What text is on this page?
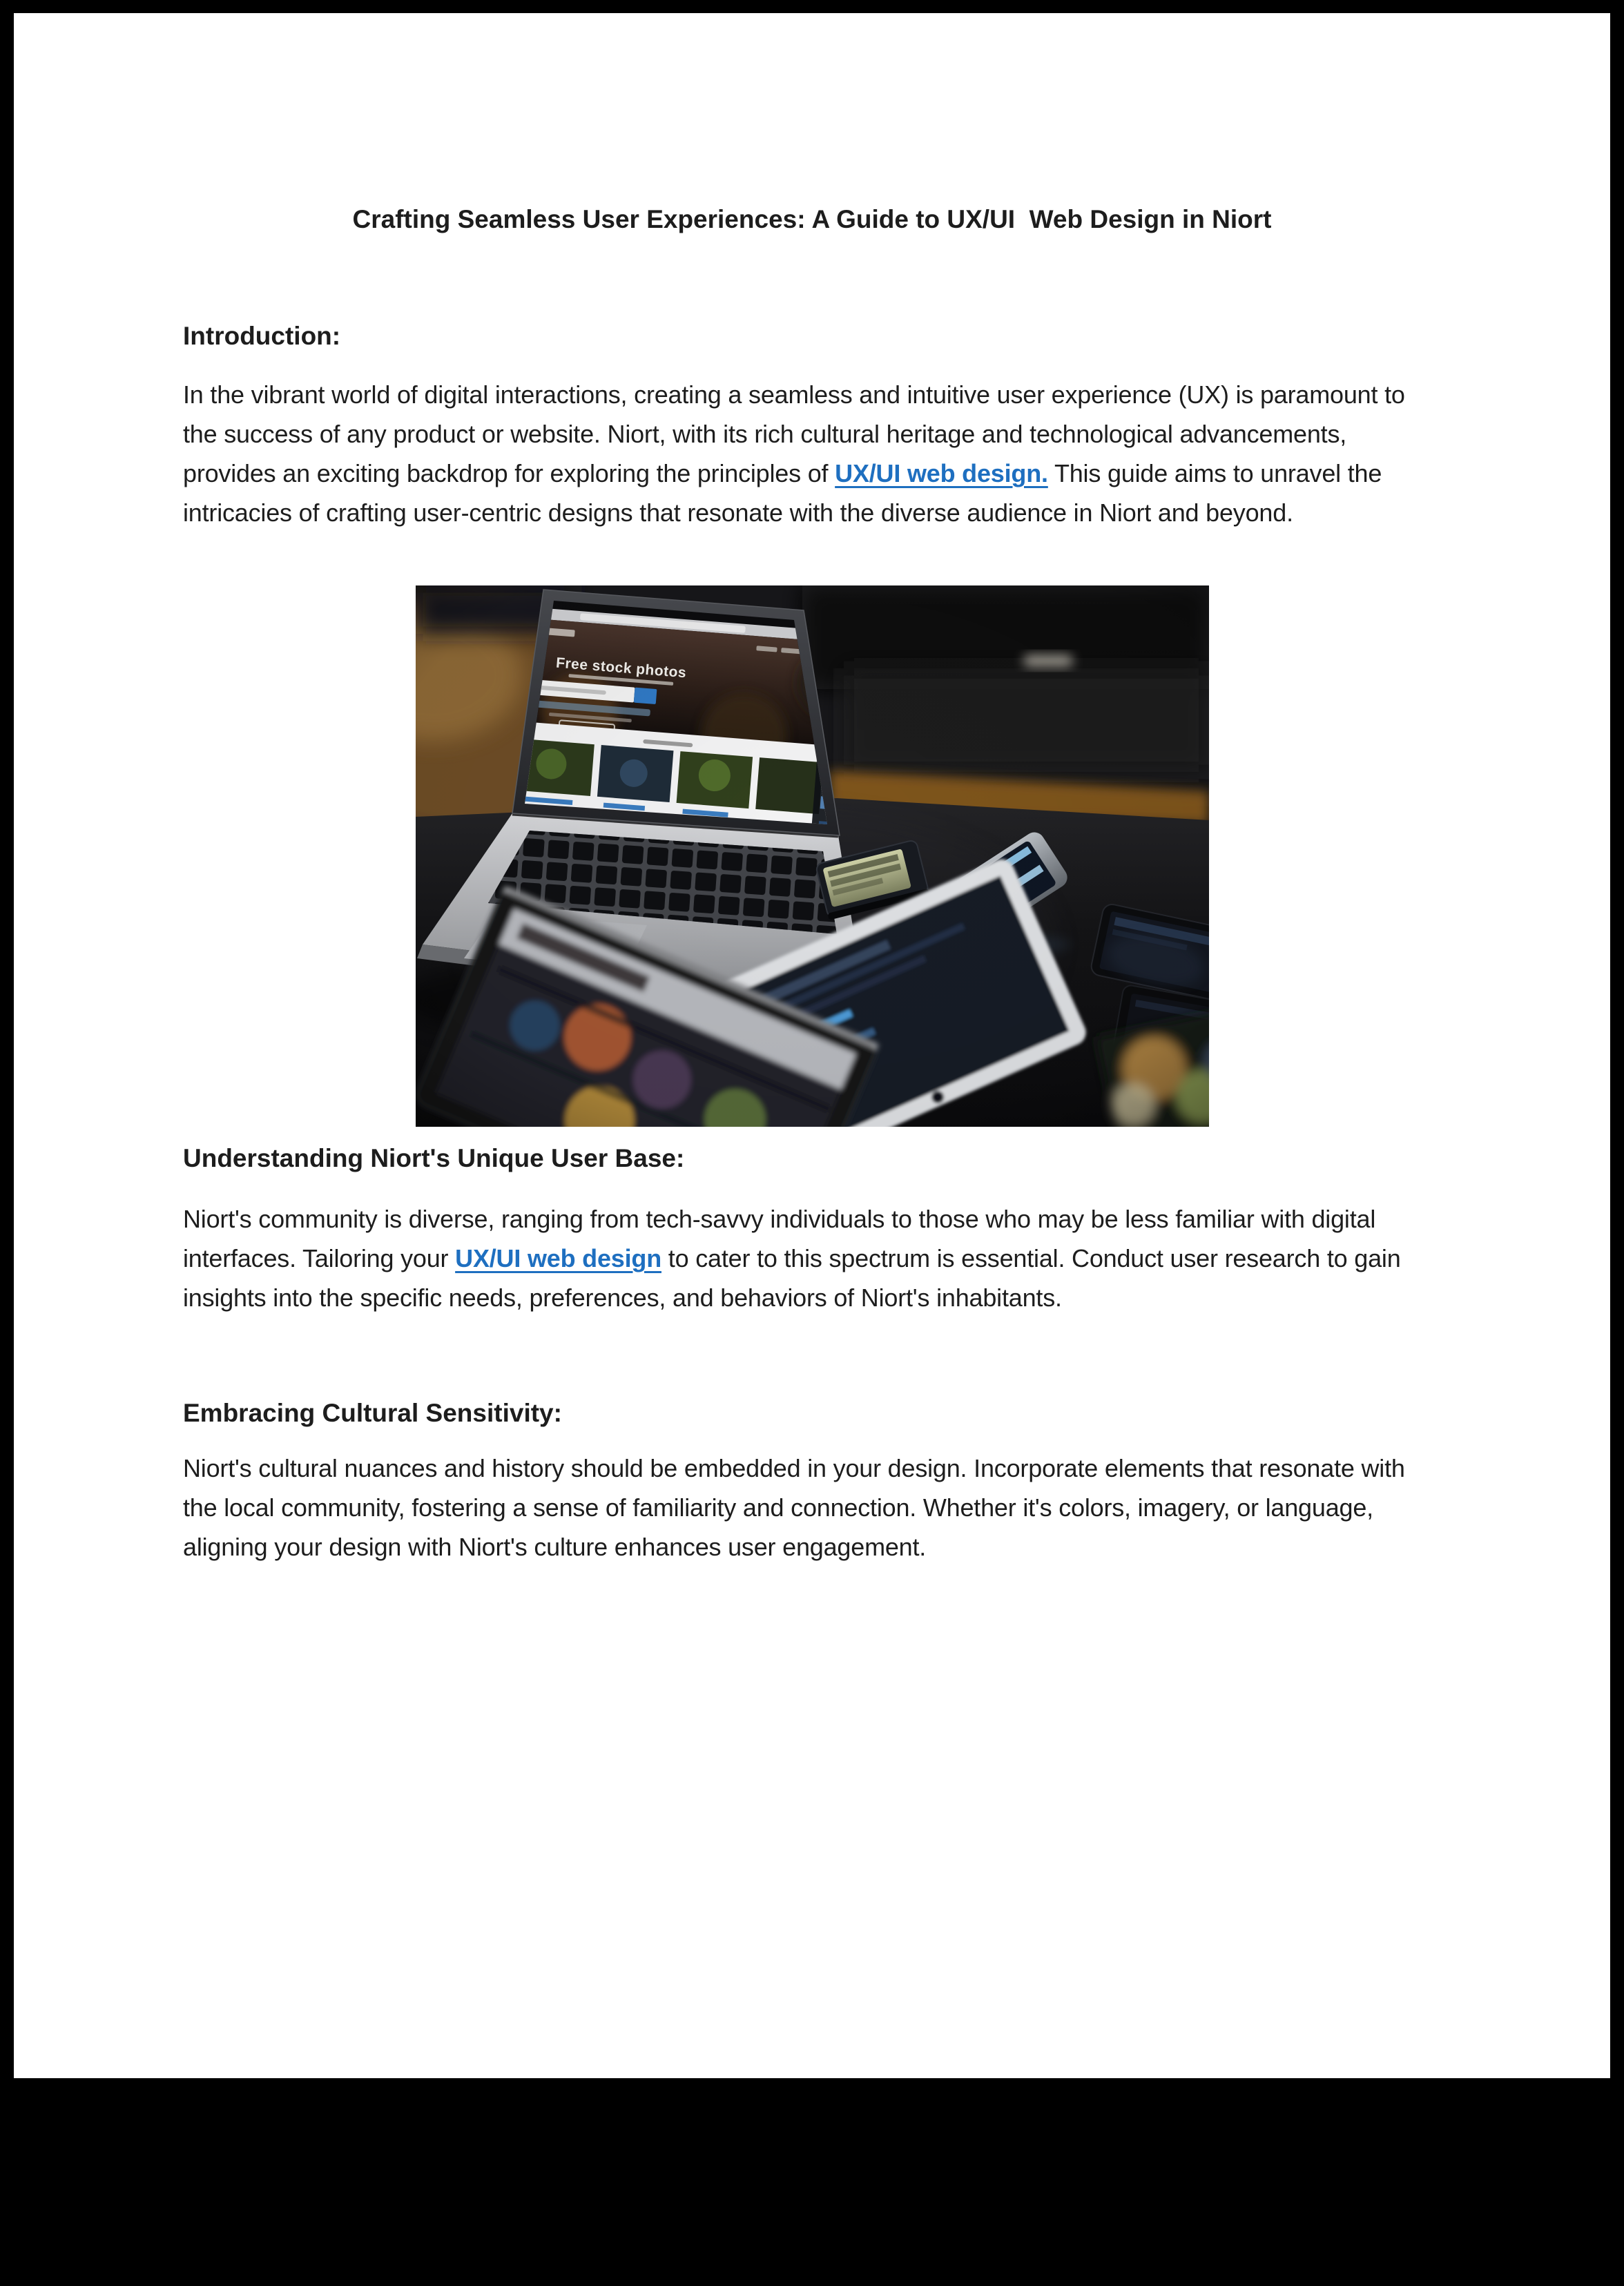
Crafting Seamless User Experiences: A Guide to UX/UI  Web Design in Niort
Introduction:

In the vibrant world of digital interactions, creating a seamless and intuitive user experience (UX) is paramount to the success of any product or website. Niort, with its rich cultural heritage and technological advancements, provides an exciting backdrop for exploring the principles of UX/UI web design. This guide aims to unravel the intricacies of crafting user-centric designs that resonate with the diverse audience in Niort and beyond.

Understanding Niort's Unique User Base:

Niort's community is diverse, ranging from tech-savvy individuals to those who may be less familiar with digital interfaces. Tailoring your UX/UI web design to cater to this spectrum is essential. Conduct user research to gain insights into the specific needs, preferences, and behaviors of Niort's inhabitants.

Embracing Cultural Sensitivity:

Niort's cultural nuances and history should be embedded in your design. Incorporate elements that resonate with the local community, fostering a sense of familiarity and connection. Whether it's colors, imagery, or language, aligning your design with Niort's culture enhances user engagement.
